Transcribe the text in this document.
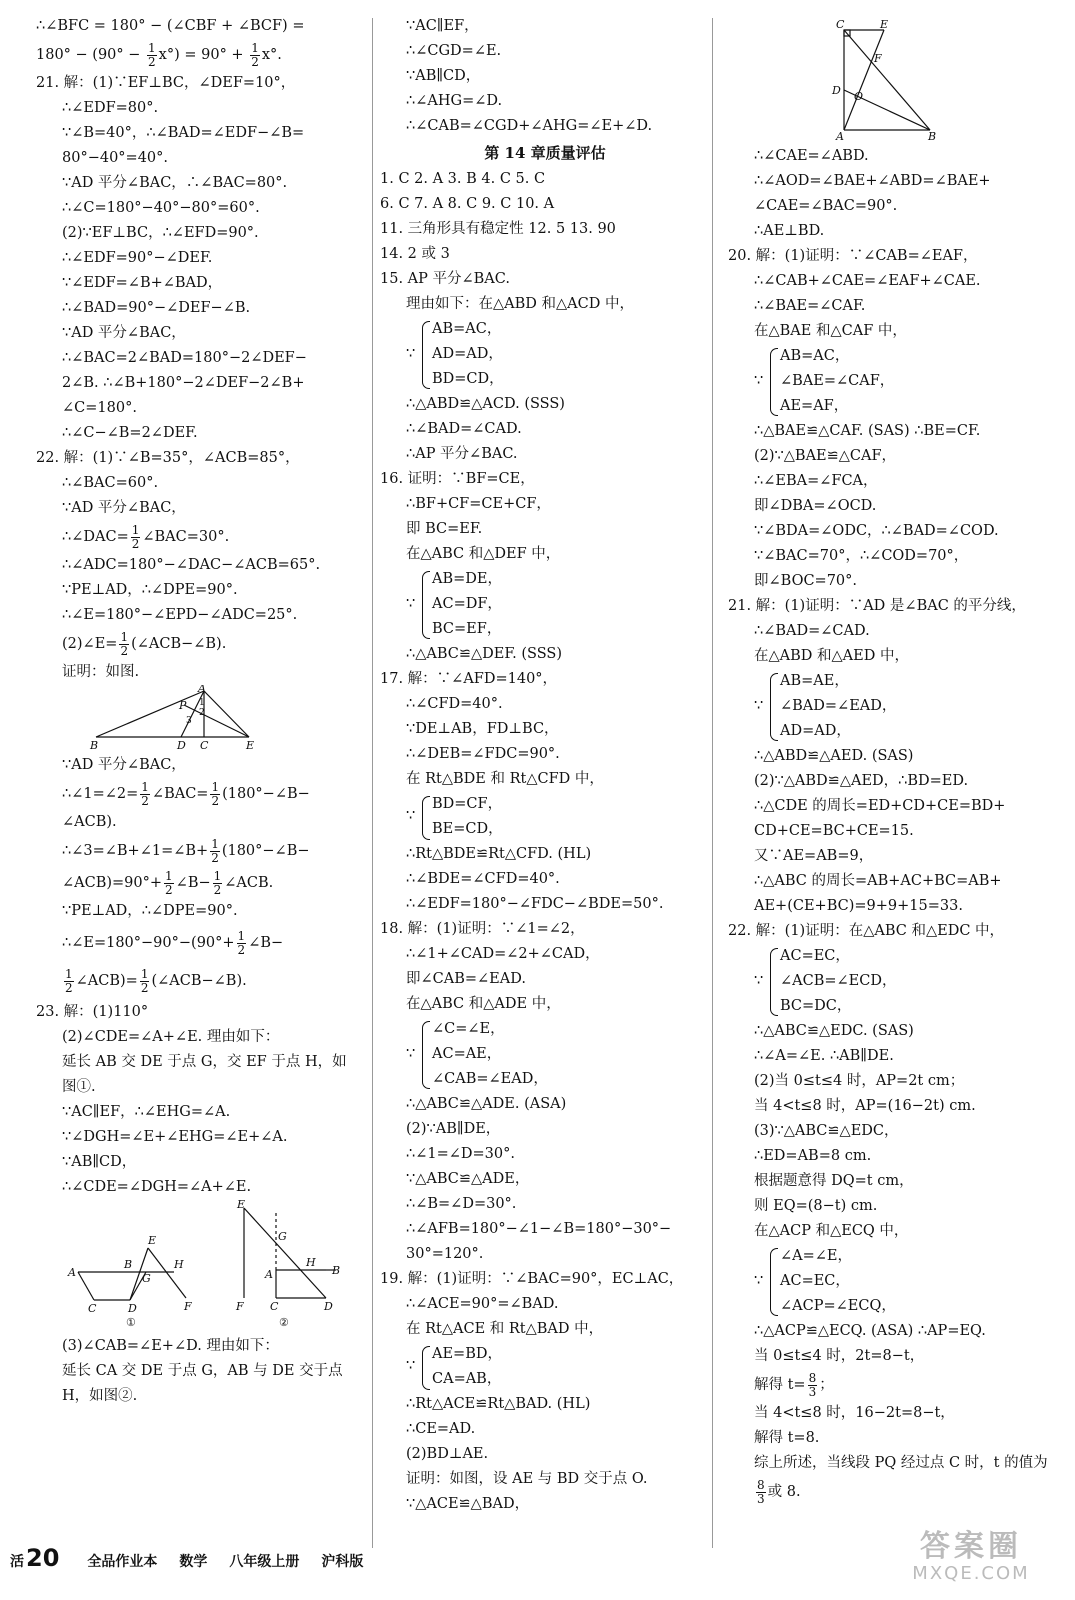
∴∠BFC = 180° − (∠CBF + ∠BCF) =
$180^\circ - (90^\circ - \frac{1}{2} x^\circ) = 90^\circ + \frac{1}{2} x^\circ$.
21. 解：(1)∵EF⊥BC，∠DEF=10°，
∴∠EDF=80°.
∵∠B=40°，∴∠BAD=∠EDF−∠B=
80°−40°=40°.
∵AD 平分∠BAC，∴∠BAC=80°.
∴∠C=180°−40°−80°=60°.
(2)∵EF⊥BC，∴∠EFD=90°.
∴∠EDF=90°−∠DEF.
∵∠EDF=∠B+∠BAD，
∴∠BAD=90°−∠DEF−∠B.
∵AD 平分∠BAC，
∴∠BAC=2∠BAD=180°−2∠DEF−
2∠B. ∴∠B+180°−2∠DEF−2∠B+
∠C=180°.
∴∠C−∠B=2∠DEF.
22. 解：(1)∵∠B=35°，∠ACB=85°，
∴∠BAC=60°.
∵AD 平分∠BAC，
∴∠DAC= $\frac{1}{2}$ ∠BAC=30°.
∴∠ADC=180°−∠DAC−∠ACB=65°.
∵PE⊥AD，∴∠DPE=90°.
∴∠E=180°−∠EPD−∠ADC=25°.
(2)∠E= $\frac{1}{2}$ (∠ACB−∠B).
证明：如图.
A
P 1
2
3
B	D C	E
∵AD 平分∠BAC，
∴∠1=∠2= $\frac{1}{2}$ ∠BAC= $\frac{1}{2}$ (180°−∠B−
∠ACB).
∴∠3=∠B+∠1=∠B+ $\frac{1}{2}$ (180°−∠B−
∠ACB)=90°+ $\frac{1}{2}$ ∠B− $\frac{1}{2}$ ∠ACB.
∵PE⊥AD，∴∠DPE=90°.
∴∠E=180°−90°−(90°+ $\frac{1}{2}$ ∠B−
$\frac{1}{2}$ ∠ACB)= $\frac{1}{2}$ (∠ACB−∠B).
23. 解：(1)110°
(2)∠CDE=∠A+∠E. 理由如下：
延长 AB 交 DE 于点 G，交 EF 于点 H，如
图①.
∵AC∥EF，∴∠EHG=∠A.
∵∠DGH=∠E+∠EHG=∠E+∠A.
∵AB∥CD，
∴∠CDE=∠DGH=∠A+∠E.
E
A
B	H
G
C	D	F
①
E
G
H
A	B
F C	D
②
(3)∠CAB=∠E+∠D. 理由如下：
延长 CA 交 DE 于点 G，AB 与 DE 交于点
H，如图②.
∵AC∥EF，
∴∠CGD=∠E.
∵AB∥CD，
∴∠AHG=∠D.
∴∠CAB=∠CGD+∠AHG=∠E+∠D.
第 14 章质量评估
1. C 2. A 3. B 4. C 5. C
6. C 7. A 8. C 9. C 10. A
11. 三角形具有稳定性 12. 5 13. 90
14. 2 或 3
15. AP 平分∠BAC.
理由如下：在△ABD 和△ACD 中，
∵
AB=AC，
AD=AD，
BD=CD，
∴△ABD≌△ACD. (SSS)
∴∠BAD=∠CAD.
∴AP 平分∠BAC.
16. 证明：∵BF=CE，
∴BF+CF=CE+CF，
即 BC=EF.
在△ABC 和△DEF 中，
∵
AB=DE，
AC=DF，
BC=EF，
∴△ABC≌△DEF. (SSS)
17. 解：∵∠AFD=140°，
∴∠CFD=40°.
∵DE⊥AB，FD⊥BC，
∴∠DEB=∠FDC=90°.
在 Rt△BDE 和 Rt△CFD 中，
∵
BD=CF，
BE=CD，
∴Rt△BDE≌Rt△CFD. (HL)
∴∠BDE=∠CFD=40°.
∴∠EDF=180°−∠FDC−∠BDE=50°.
18. 解：(1)证明：∵∠1=∠2，
∴∠1+∠CAD=∠2+∠CAD，
即∠CAB=∠EAD.
在△ABC 和△ADE 中，
∵
∠C=∠E，
AC=AE，
∠CAB=∠EAD，
∴△ABC≌△ADE. (ASA)
(2)∵AB∥DE，
∴∠1=∠D=30°.
∵△ABC≌△ADE，
∴∠B=∠D=30°.
∴∠AFB=180°−∠1−∠B=180°−30°−
30°=120°.
19. 解：(1)证明：∵∠BAC=90°，EC⊥AC，
∴∠ACE=90°=∠BAD.
在 Rt△ACE 和 Rt△BAD 中，
∵
AE=BD，
CA=AB，
∴Rt△ACE≌Rt△BAD. (HL)
∴CE=AD.
(2)BD⊥AE.
证明：如图，设 AE 与 BD 交于点 O.
∵△ACE≌△BAD，
C	E
F
D O
A	B
∴∠CAE=∠ABD.
∴∠AOD=∠BAE+∠ABD=∠BAE+
∠CAE=∠BAC=90°.
∴AE⊥BD.
20. 解：(1)证明：∵∠CAB=∠EAF，
∴∠CAB+∠CAE=∠EAF+∠CAE.
∴∠BAE=∠CAF.
在△BAE 和△CAF 中，
∵
AB=AC，
∠BAE=∠CAF，
AE=AF，
∴△BAE≌△CAF. (SAS) ∴BE=CF.
(2)∵△BAE≌△CAF，
∴∠EBA=∠FCA，
即∠DBA=∠OCD.
∵∠BDA=∠ODC，∴∠BAD=∠COD.
∵∠BAC=70°，∴∠COD=70°，
即∠BOC=70°.
21. 解：(1)证明：∵AD 是∠BAC 的平分线，
∴∠BAD=∠CAD.
在△ABD 和△AED 中，
∵
AB=AE，
∠BAD=∠EAD，
AD=AD，
∴△ABD≌△AED. (SAS)
(2)∵△ABD≌△AED，∴BD=ED.
∴△CDE 的周长=ED+CD+CE=BD+
CD+CE=BC+CE=15.
又∵AE=AB=9，
∴△ABC 的周长=AB+AC+BC=AB+
AE+(CE+BC)=9+9+15=33.
22. 解：(1)证明：在△ABC 和△EDC 中，
∵
AC=EC，
∠ACB=∠ECD，
BC=DC，
∴△ABC≌△EDC. (SAS)
∴∠A=∠E. ∴AB∥DE.
(2)当 0≤t≤4 时，AP=2t cm；
当 4<t≤8 时，AP=(16−2t) cm.
(3)∵△ABC≌△EDC，
∴ED=AB=8 cm.
根据题意得 DQ=t cm，
则 EQ=(8−t) cm.
在△ACP 和△ECQ 中，
∵
∠A=∠E，
AC=EC，
∠ACP=∠ECQ，
∴△ACP≌△ECQ. (ASA) ∴AP=EQ.
当 0≤t≤4 时，2t=8−t，
解得 $t= \frac{8}{3}$ ；
当 4<t≤8 时，16−2t=8−t，
解得 t=8.
综上所述，当线段 PQ 经过点 C 时，t 的值为
$\frac{8}{3}$ 或 8.
活20 全品作业本 数学 八年级上册 沪科版	答案圈
MXQE.COM
